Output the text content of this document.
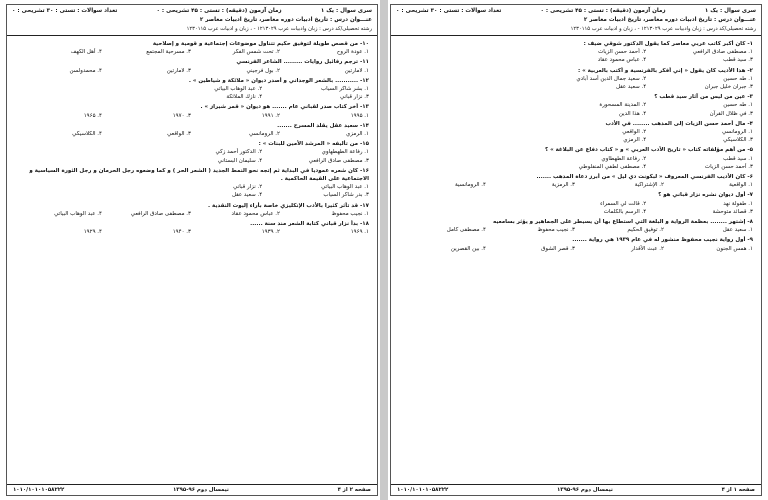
سری سوال : یک ۱
زمان آزمون (دقیقه) : تستی : ۴۵ تشریحی : ۰
تعداد سوالات : تستی : ۳۰ تشریحی : ۰
عنـــوان درس : تاریخ ادبیات دوره معاصر، تاریخ ادبیات معاصر ۲
رشته تحصیلی/کد درس : زبان وادبیات عرب ۱۲۱۳۰۲۹ - ، زبان و ادبیات عرب ۱۲۳۰۱۱۵
۱۰- من قصص طويلة لتوفيق حكيم تتناول موضوعات إجتماعية و قومية و إصلاحية
۱. عودة الروح
۲. تحت شمس الفكر
۳. مسرحية المجتمع
۴. أهل الكهف
۱۱- ترجم رفائيل روايات ......... الشاعر الفرنسي
۱. لامارتين
۲. بول فرجيني
۳. لامارتين
۴. محمدولسن
۱۲- ........... بالشعر الوجداني و أصدر ديوان « ملائكة و شياطين » .
۱. بشر شاكر السياب
۲. عبد الوهاب البياتي
۳. نزار قباني
۴. نازك الملائكة
۱۳- أخر كتاب صدر لقباني عام ....... هو ديوان « قمر شيراز » .
۱. ۱۹۹۵
۲. ۱۹۹۱
۳. ۱۹۷۰
۴. ۱۹۶۵
۱۴- سعيد عقل يقلد المسرح .......
۱. الرمزي
۲. الرومانسي
۳. الواقعي
۴. الكلاسيكي
۱۵- من تأليفه « المرشد الأمين للبنات » :
۱. رفاعة الطهطهاوي
۲. الدكتور أحمد زكي
۳. مصطفى صادق الرافعي
۴. سليمان البستاني
۱۶- كان شعره عموديا في البداية ثم إتجه نحو النمط الجديد ( الشعر الحر ) و كما وضعوه رجل الحرمان و رجل الثورة السياسية و الاجتماعية على القيمة الحاكمية .
۱. عبد الوهاب البياتي
۲. نزار قباني
۳. بدر شاكر السياب
۴. سعيد عقل
۱۷- قد تأثر كثيرا بالأدب الإنكليزي خاصة بأراء إليوت النقدية .
۱. نجيب محفوظ
۲. عباس محمود عقاد
۳. مصطفى صادق الرافعي
۴. عبد الوهاب البياتي
۱۸- بدأ نزار قباني كتابة الشعر منذ سنة ......
۱. ۱۹۶۹
۲. ۱۹۳۹
۳. ۱۹۴۰
۴. ۱۹۲۹
صفحه ۲ از ۴
نیمسال دوم ۹۶-۱۳۹۵
۱۰۱۰/۱۰۱۰۱۰۵۸۲۲۲
سری سوال : یک ۱
زمان آزمون (دقیقه) : تستی : ۴۵ تشریحی : ۰
تعداد سوالات : تستی : ۳۰ تشریحی : ۰
عنـــوان درس : تاریخ ادبیات دوره معاصر، تاریخ ادبیات معاصر ۲
رشته تحصیلی/کد درس : زبان وادبیات عرب ۱۲۱۳۰۲۹ - ، زبان و ادبیات عرب ۱۲۳۰۱۱۵
۱- كان أكبر كاتب عربي معاصر كما يقول الدكتور شوقي ضيف :
۱. مصطفى صادق الرافعي
۲. أحمد حسن الزيات
۳. سيد قطب
۴. عباس محمود عقاد
۲- هذا الأديب كان يقول « إني أفكر بالفرنسية و أكتب بالعربية » :
۱. طه حسين
۲. سعيد جمال الدين أسد أبادي
۳. جبران خليل جبران
۴. سعيد عقل
۳- عين من ليس من آثار سيد قطب ؟
۱. طه حسين
۲. المدينة المسحورة
۳. في ظلال القرآن
۴. هذا الدين
۴- مال أحمد حسن الزيات إلى المذهب ........ في الأدب
۱. الرومانسي
۲. الواقعي
۳. الكلاسيكي
۴. الرمزي
۵- من أهم مؤلفاته كتاب « تاريخ الأدب العربي » و « كتاب دفاع عن البلاغة » ؟
۱. سيد قطب
۲. رفاعة الطهطاوي
۳. أحمد حسن الزيات
۴. مصطفى لطفي المنفلوطي
۶- كان الأديب الفرنسي المعروف « لبكونت دي ليل » من أبرز دعاة المذهب .......
۱. الواقعية
۲. الإشتراكية
۳. الرمزية
۴. الرومانسية
۷- أول ديوان نشره نزار قباني هو ؟
۱. طفولة نهد
۲. قالت لي السمراء
۳. قصائد متوحشة
۴. الرسم بالكلمات
۸- إشتهر ........ بعظمة الرواية و البلغة التي استطاع بها أن يسيطر على الجماهير و يؤثر بسامعيه
۱. سعيد عقل
۲. توفيق الحكيم
۳. نجيب محفوظ
۴. مصطفى كامل
۹- أول رواية نجيب محفوظ منشور له في عام ۱۹۳۹ هي رواية .......
۱. همس الجنون
۲. عبث الأقدار
۳. قصر الشوق
۴. بين القصرين
صفحه ۱ از ۴
نیمسال دوم ۹۶-۱۳۹۵
۱۰۱۰/۱۰۱۰۱۰۵۸۲۲۲
